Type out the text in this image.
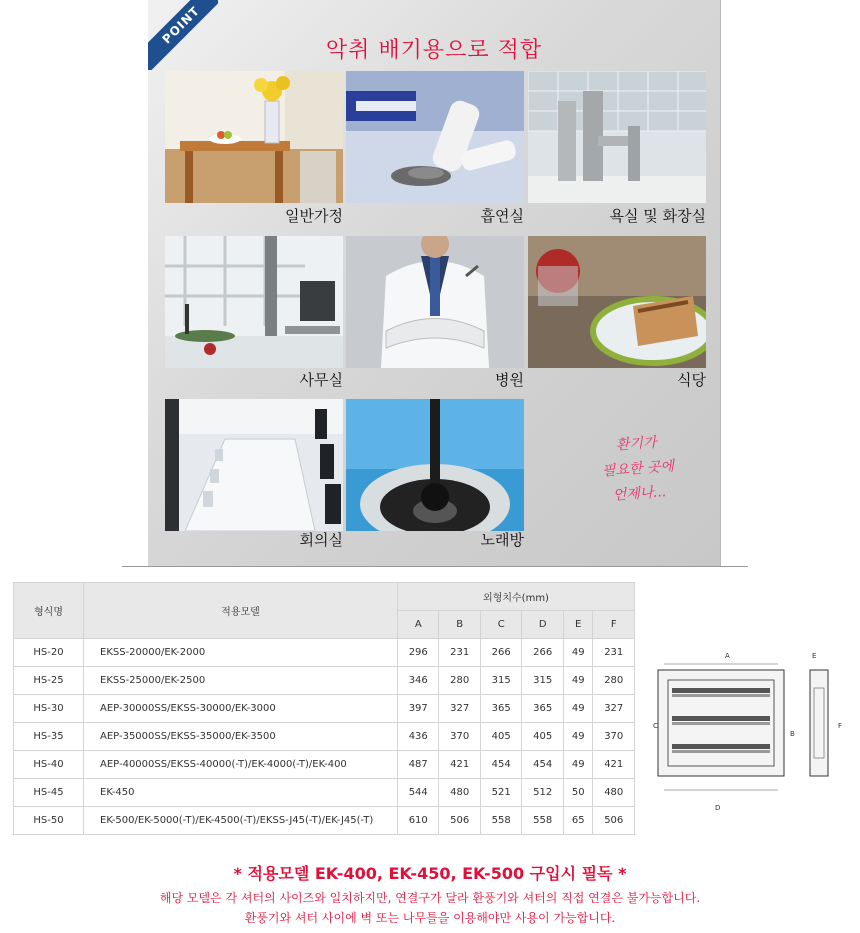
POINT
악취 배기용으로 적합
일반가정	흡연실	욕실 및 화장실
사무실	병원	식당
회의실	노래방
환기가
필요한 곳에
언제나...
형식명	적용모델	외형치수(mm)					
		A	B	C	D	E	F
HS-20	EKSS-20000/EK-2000	296	231	266	266	49	231
HS-25	EKSS-25000/EK-2500	346	280	315	315	49	280
HS-30	AEP-30000SS/EKSS-30000/EK-3000	397	327	365	365	49	327
HS-35	AEP-35000SS/EKSS-35000/EK-3500	436	370	405	405	49	370
HS-40	AEP-40000SS/EKSS-40000(-T)/EK-4000(-T)/EK-400	487	421	454	454	49	421
HS-45	EK-450	544	480	521	512	50	480
HS-50	EK-500/EK-5000(-T)/EK-4500(-T)/EKSS-J45(-T)/EK-J45(-T)	610	506	558	558	65	506
A
C
B
D
E
F
* 적용모델 EK-400, EK-450, EK-500 구입시 필독 *
해당 모델은 각 셔터의 사이즈와 일치하지만, 연결구가 달라 환풍기와 셔터의 직접 연결은 불가능합니다.
환풍기와 셔터 사이에 벽 또는 나무틀을 이용해야만 사용이 가능합니다.
